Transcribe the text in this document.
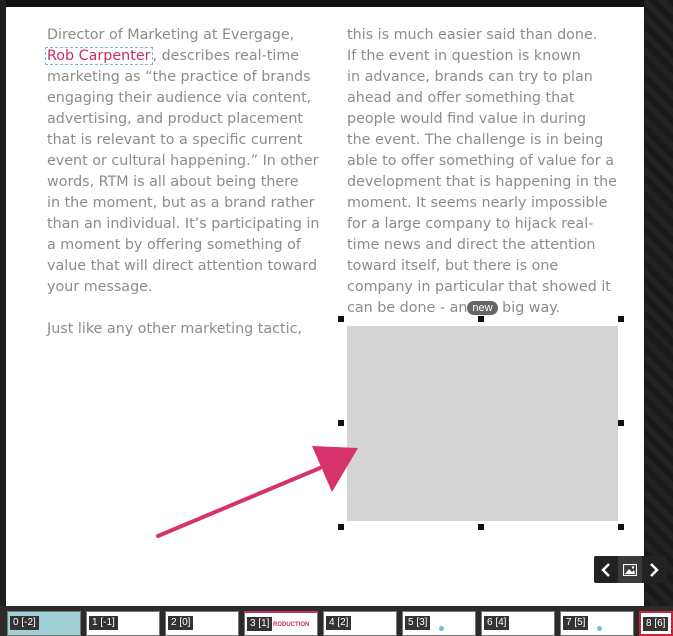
Director of Marketing at Evergage,
Rob Carpenter , describes real-time
marketing as “the practice of brands
engaging their audience via content,
advertising, and product placement
that is relevant to a specific current
event or cultural happening.” In other
words, RTM is all about being there
in the moment, but as a brand rather
than an individual. It’s participating in
a moment by offering something of
value that will direct attention toward
your message.

Just like any other marketing tactic,

this is much easier said than done.
If the event in question is known
in advance, brands can try to plan
ahead and offer something that
people would find value in during
the event. The challenge is in being
able to offer something of value for a
development that is happening in the
moment. It seems nearly impossible
for a large company to hijack real-
time news and direct the attention
toward itself, but there is one
company in particular that showed it
can be done - an new big way.

0 [-2]	1 [-1]	2 [0]	3 [1] RODUCTION	4 [2]	5 [3]	6 [4]	7 [5]	8 [6]
